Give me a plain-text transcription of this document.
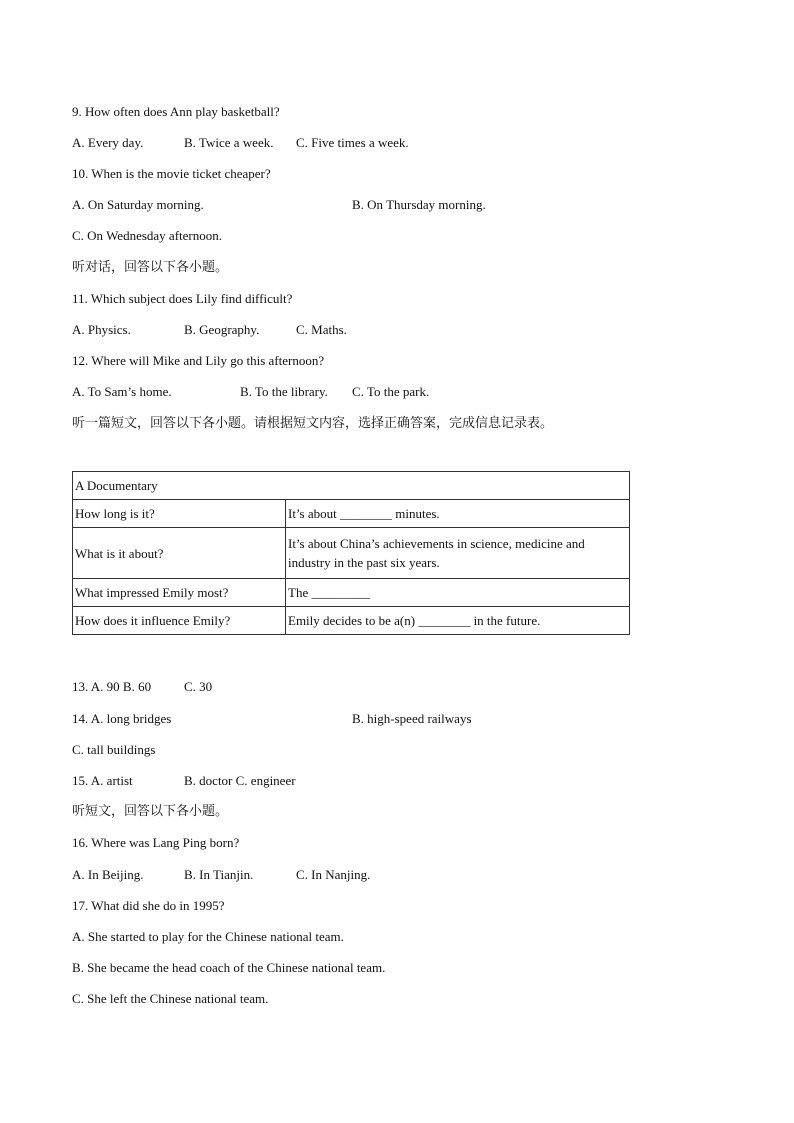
9. How often does Ann play basketball?
A. Every day.	B. Twice a week. C. Five times a week.
10. When is the movie ticket cheaper?
A. On Saturday morning.	B. On Thursday morning.
C. On Wednesday afternoon.
听对话，回答以下各小题。
11. Which subject does Lily find difficult?
A. Physics.	B. Geography.	C. Maths.
12. Where will Mike and Lily go this afternoon?
A. To Sam’s home.	B. To the library. C. To the park.
听一篇短文，回答以下各小题。请根据短文内容，选择正确答案，完成信息记录表。
A Documentary	
How long is it?	It’s about ________ minutes.
What is it about?	It’s about China’s achievements in science, medicine and industry in the past six years.
What impressed Emily most?	The _________
How does it influence Emily?	Emily decides to be a(n) ________ in the future.
13. A. 90 B. 60	C. 30
14. A. long bridges	B. high-speed railways
C. tall buildings
15. A. artist	B. doctor C. engineer
听短文，回答以下各小题。
16. Where was Lang Ping born?
A. In Beijing.	B. In Tianjin.	C. In Nanjing.
17. What did she do in 1995?
A. She started to play for the Chinese national team.
B. She became the head coach of the Chinese national team.
C. She left the Chinese national team.
